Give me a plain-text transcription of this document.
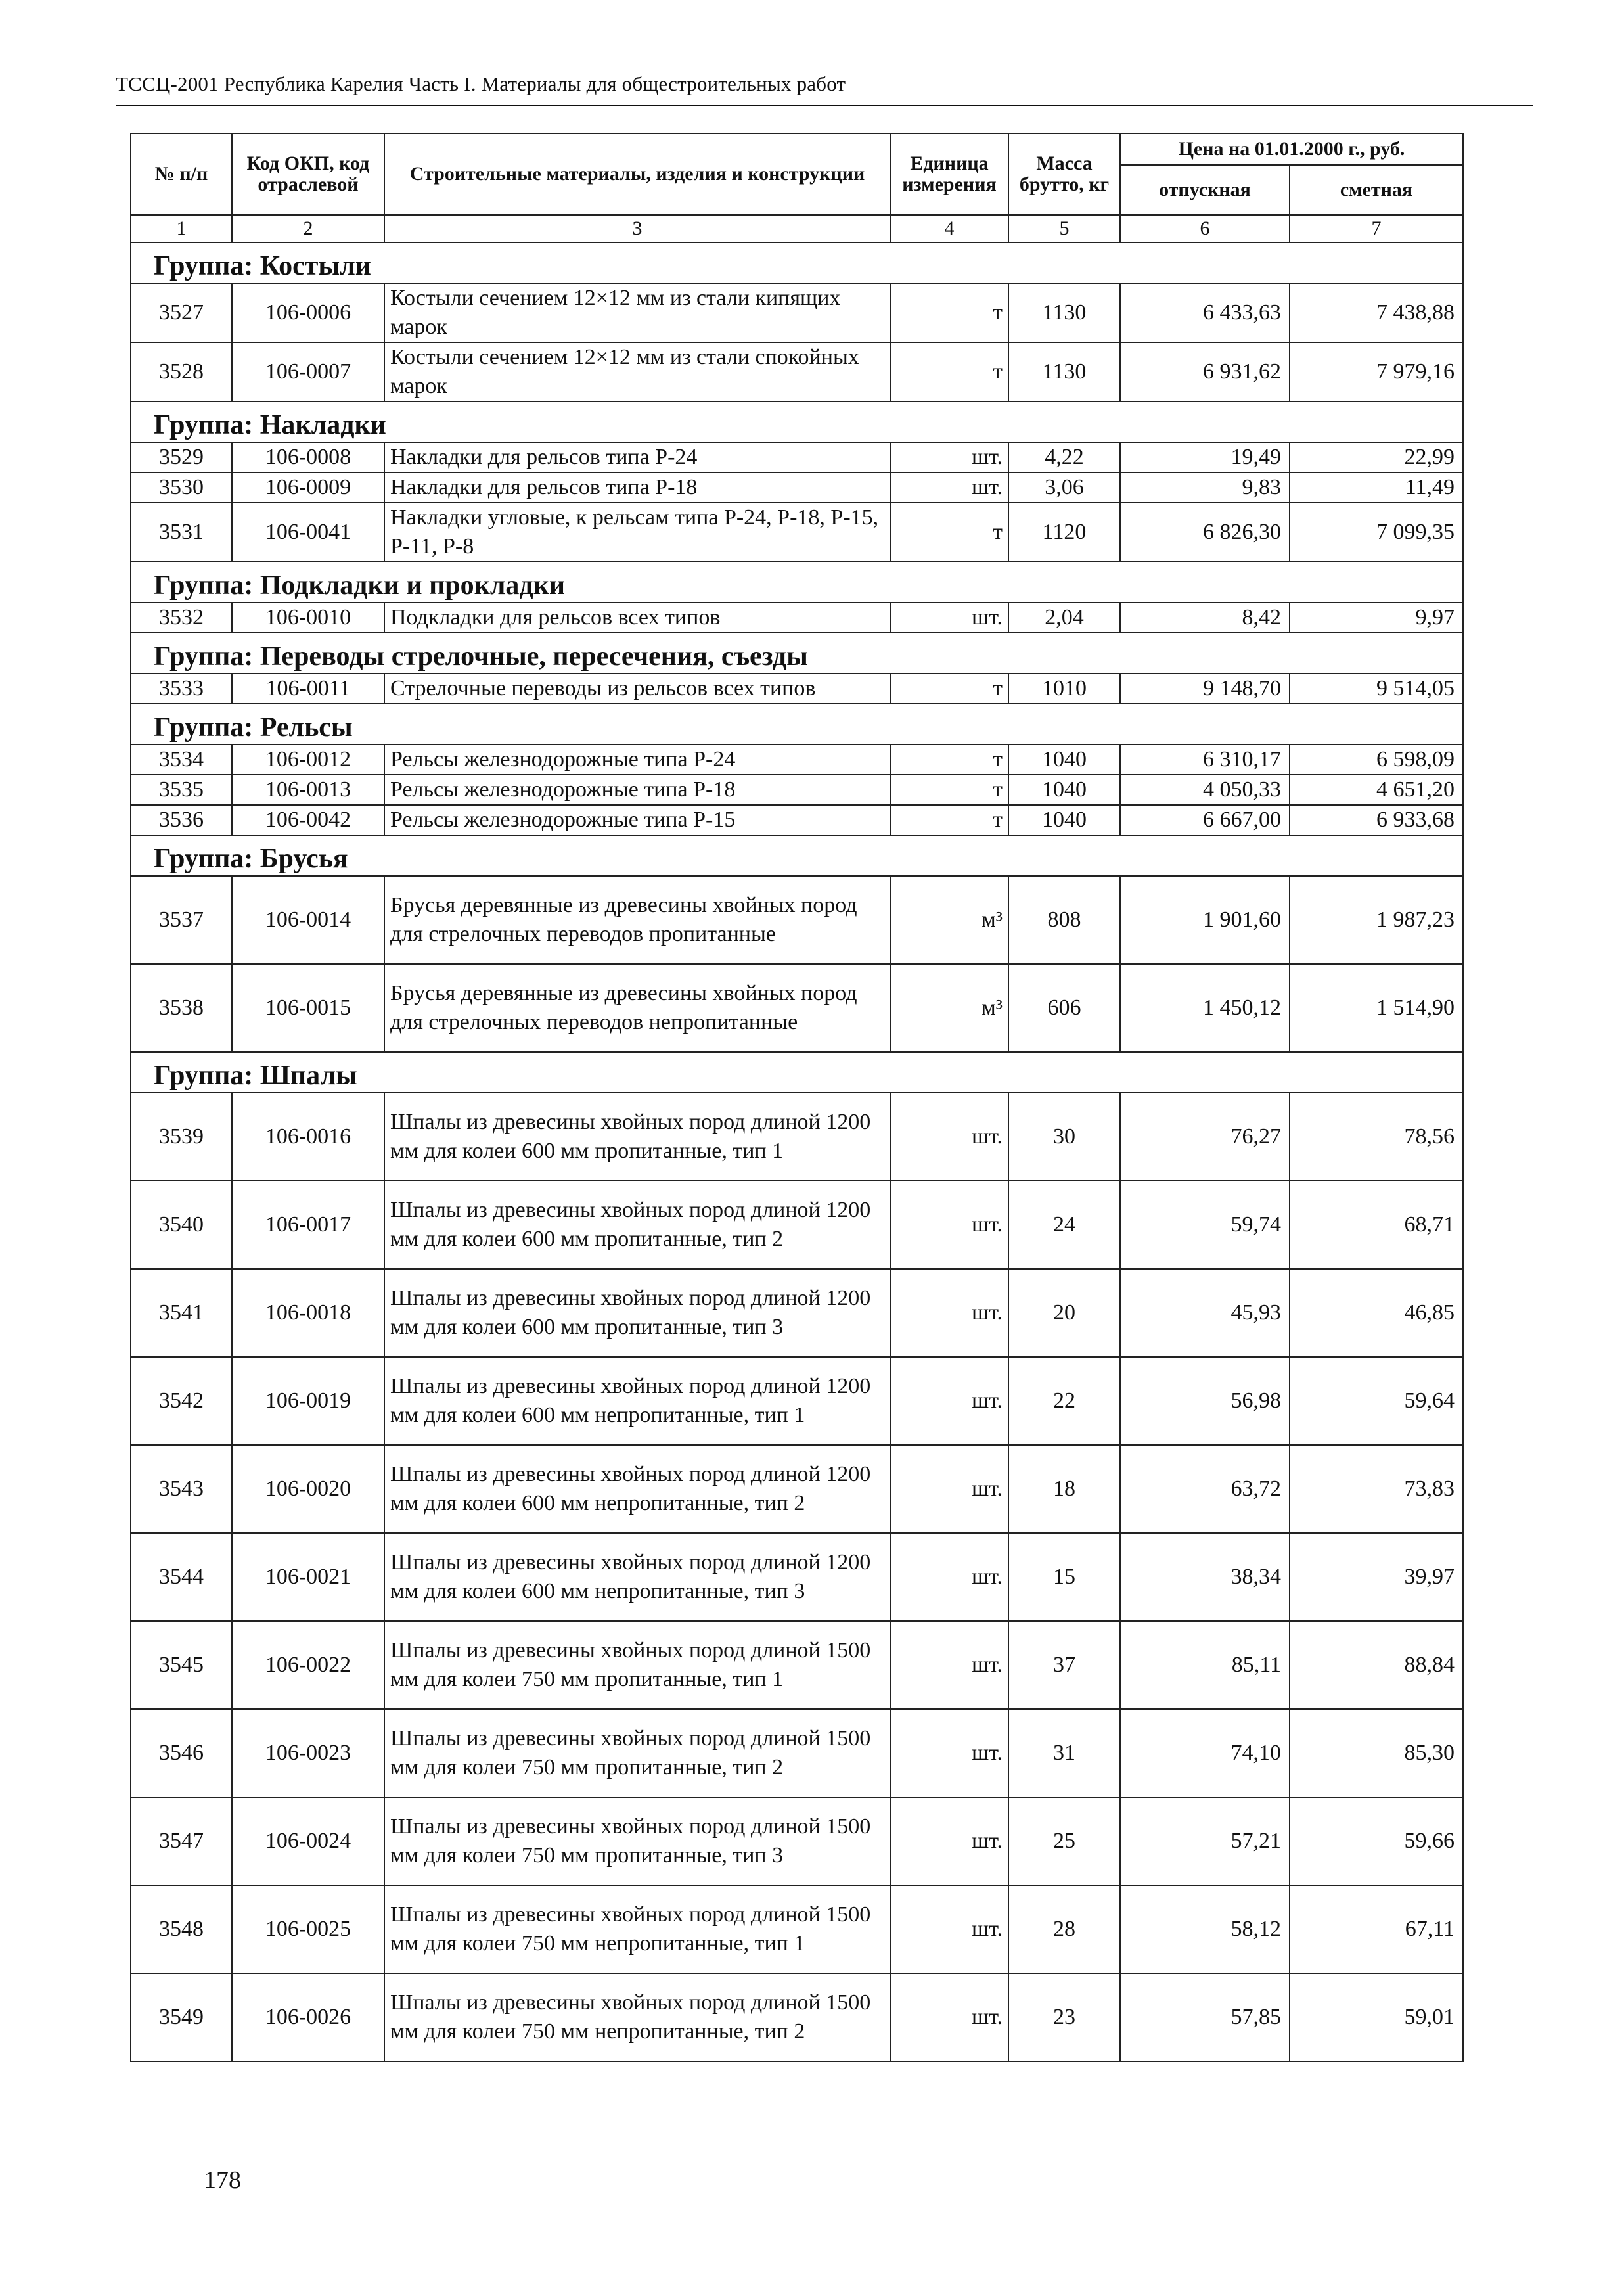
ТССЦ-2001 Республика Карелия Часть I. Материалы для общестроительных работ
№ п/п	Код ОКП, код отраслевой	Строительные материалы, изделия и конструкции	Единица измерения	Масса брутто, кг	Цена на 01.01.2000 г., руб.	
					отпускная	сметная
1	2	3	4	5	6	7
Группа: Костыли						
3527	106-0006	Костыли сечением 12×12 мм из стали кипящих марок	т	1130	6 433,63	7 438,88
3528	106-0007	Костыли сечением 12×12 мм из стали спокойных марок	т	1130	6 931,62	7 979,16
Группа: Накладки						
3529	106-0008	Накладки для рельсов типа Р-24	шт.	4,22	19,49	22,99
3530	106-0009	Накладки для рельсов типа Р-18	шт.	3,06	9,83	11,49
3531	106-0041	Накладки угловые, к рельсам типа Р-24, Р-18, Р-15, Р-11, Р-8	т	1120	6 826,30	7 099,35
Группа: Подкладки и прокладки						
3532	106-0010	Подкладки для рельсов всех типов	шт.	2,04	8,42	9,97
Группа: Переводы стрелочные, пересечения, съезды						
3533	106-0011	Стрелочные переводы из рельсов всех типов	т	1010	9 148,70	9 514,05
Группа: Рельсы						
3534	106-0012	Рельсы железнодорожные типа Р-24	т	1040	6 310,17	6 598,09
3535	106-0013	Рельсы железнодорожные типа Р-18	т	1040	4 050,33	4 651,20
3536	106-0042	Рельсы железнодорожные типа Р-15	т	1040	6 667,00	6 933,68
Группа: Брусья						
3537	106-0014	Брусья деревянные из древесины хвойных пород для стрелочных переводов пропитанные	м³	808	1 901,60	1 987,23
3538	106-0015	Брусья деревянные из древесины хвойных пород для стрелочных переводов непропитанные	м³	606	1 450,12	1 514,90
Группа: Шпалы						
3539	106-0016	Шпалы из древесины хвойных пород длиной 1200 мм для колеи 600 мм пропитанные, тип 1	шт.	30	76,27	78,56
3540	106-0017	Шпалы из древесины хвойных пород длиной 1200 мм для колеи 600 мм пропитанные, тип 2	шт.	24	59,74	68,71
3541	106-0018	Шпалы из древесины хвойных пород длиной 1200 мм для колеи 600 мм пропитанные, тип 3	шт.	20	45,93	46,85
3542	106-0019	Шпалы из древесины хвойных пород длиной 1200 мм для колеи 600 мм непропитанные, тип 1	шт.	22	56,98	59,64
3543	106-0020	Шпалы из древесины хвойных пород длиной 1200 мм для колеи 600 мм непропитанные, тип 2	шт.	18	63,72	73,83
3544	106-0021	Шпалы из древесины хвойных пород длиной 1200 мм для колеи 600 мм непропитанные, тип 3	шт.	15	38,34	39,97
3545	106-0022	Шпалы из древесины хвойных пород длиной 1500 мм для колеи 750 мм пропитанные, тип 1	шт.	37	85,11	88,84
3546	106-0023	Шпалы из древесины хвойных пород длиной 1500 мм для колеи 750 мм пропитанные, тип 2	шт.	31	74,10	85,30
3547	106-0024	Шпалы из древесины хвойных пород длиной 1500 мм для колеи 750 мм пропитанные, тип 3	шт.	25	57,21	59,66
3548	106-0025	Шпалы из древесины хвойных пород длиной 1500 мм для колеи 750 мм непропитанные, тип 1	шт.	28	58,12	67,11
3549	106-0026	Шпалы из древесины хвойных пород длиной 1500 мм для колеи 750 мм непропитанные, тип 2	шт.	23	57,85	59,01
178
